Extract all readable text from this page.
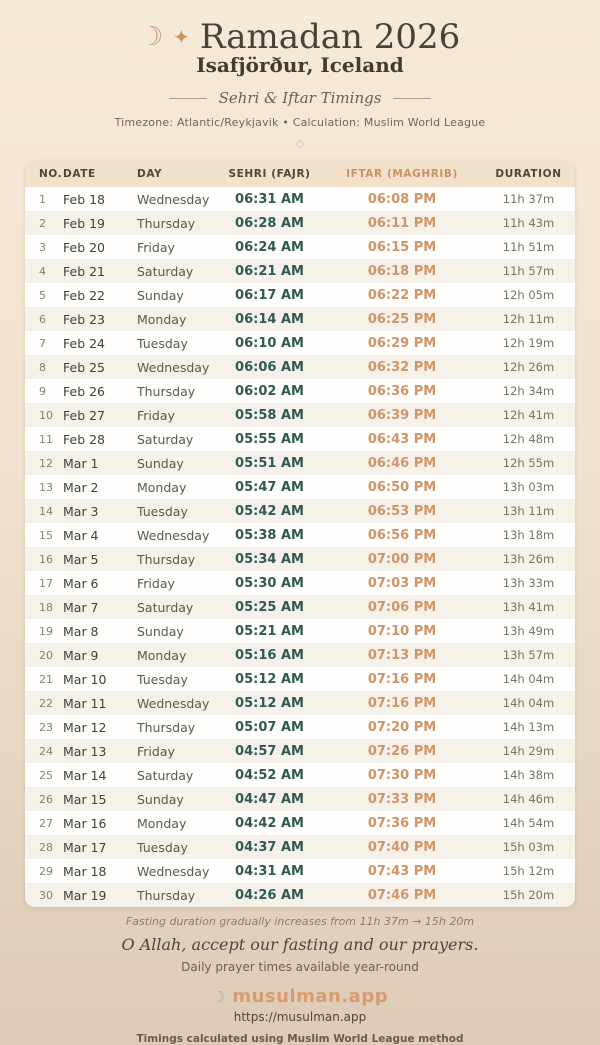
☾ ✦ Ramadan 2026
Isafjörður, Iceland
Sehri & Iftar Timings
Timezone: Atlantic/Reykjavik • Calculation: Muslim World League
◇
NO. DATE	DAY	SEHRI (FAJR)	IFTAR (MAGHRIB)	DURATION
1	Feb 18	Wednesday	06:31 AM	06:08 PM	11h 37m
2	Feb 19	Thursday	06:28 AM	06:11 PM	11h 43m
3	Feb 20	Friday	06:24 AM	06:15 PM	11h 51m
4	Feb 21	Saturday	06:21 AM	06:18 PM	11h 57m
5	Feb 22	Sunday	06:17 AM	06:22 PM	12h 05m
6	Feb 23	Monday	06:14 AM	06:25 PM	12h 11m
7	Feb 24	Tuesday	06:10 AM	06:29 PM	12h 19m
8	Feb 25	Wednesday	06:06 AM	06:32 PM	12h 26m
9	Feb 26	Thursday	06:02 AM	06:36 PM	12h 34m
10 Feb 27	Friday	05:58 AM	06:39 PM	12h 41m
11 Feb 28	Saturday	05:55 AM	06:43 PM	12h 48m
12 Mar 1	Sunday	05:51 AM	06:46 PM	12h 55m
13 Mar 2	Monday	05:47 AM	06:50 PM	13h 03m
14 Mar 3	Tuesday	05:42 AM	06:53 PM	13h 11m
15 Mar 4	Wednesday	05:38 AM	06:56 PM	13h 18m
16 Mar 5	Thursday	05:34 AM	07:00 PM	13h 26m
17 Mar 6	Friday	05:30 AM	07:03 PM	13h 33m
18 Mar 7	Saturday	05:25 AM	07:06 PM	13h 41m
19 Mar 8	Sunday	05:21 AM	07:10 PM	13h 49m
20 Mar 9	Monday	05:16 AM	07:13 PM	13h 57m
21 Mar 10	Tuesday	05:12 AM	07:16 PM	14h 04m
22 Mar 11	Wednesday	05:12 AM	07:16 PM	14h 04m
23 Mar 12	Thursday	05:07 AM	07:20 PM	14h 13m
24 Mar 13	Friday	04:57 AM	07:26 PM	14h 29m
25 Mar 14	Saturday	04:52 AM	07:30 PM	14h 38m
26 Mar 15	Sunday	04:47 AM	07:33 PM	14h 46m
27 Mar 16	Monday	04:42 AM	07:36 PM	14h 54m
28 Mar 17	Tuesday	04:37 AM	07:40 PM	15h 03m
29 Mar 18	Wednesday	04:31 AM	07:43 PM	15h 12m
30 Mar 19	Thursday	04:26 AM	07:46 PM	15h 20m
Fasting duration gradually increases from 11h 37m → 15h 20m
O Allah, accept our fasting and our prayers.
Daily prayer times available year-round
☾ musulman.app
https://musulman.app
Timings calculated using Muslim World League method
